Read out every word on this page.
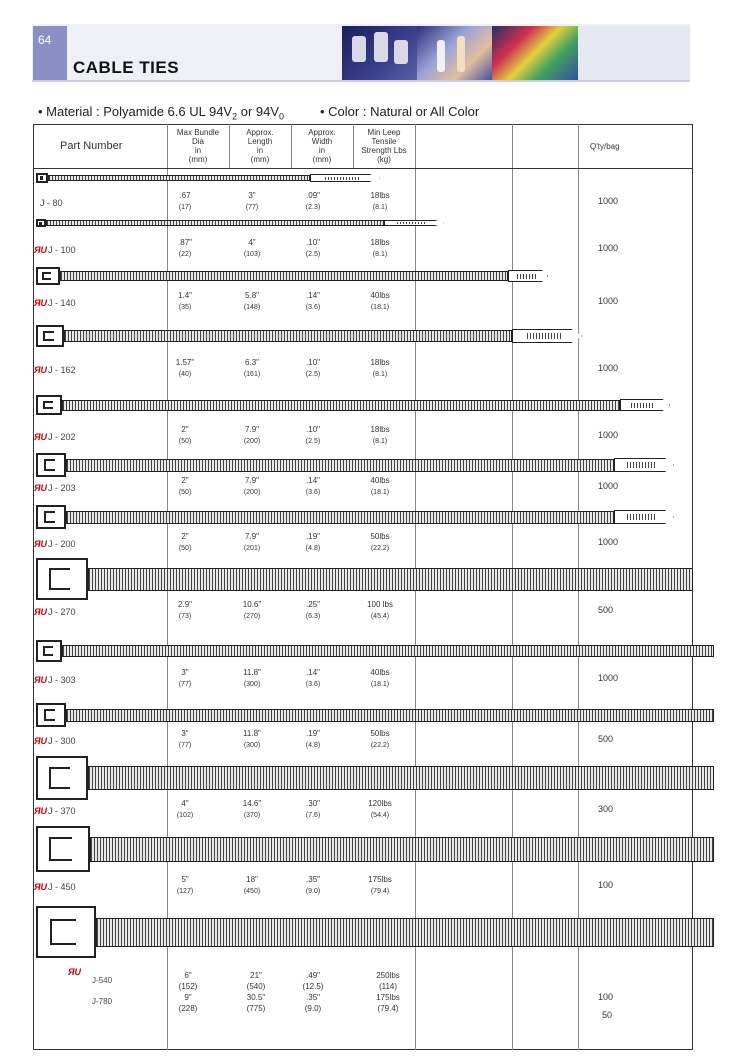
64
CABLE TIES
• Material : Polyamide 6.6 UL $94V_2$ or $94V_0$	• Color : Natural or All Color
Part Number
Max Bundle
Dia
in
(mm)
Approx.
Length
in
(mm)
Approx.
Width
in
(mm)
Min Leep
Tensile
Strength Lbs
(kg)
Q'ty/bag
J - 80
.67
(17)
3"
(77)
.09"
(2.3)
18lbs
(8.1)
1000
ЯU J - 100
.87"
(22)
4"
(103)
.10"
(2.5)
18lbs
(8.1)
1000
ЯU J - 140
1.4"
(35)
5.8"
(148)
.14"
(3.6)
40lbs
(18.1)
1000
ЯU J - 162
1.57"
(40)
6.3"
(161)
.10"
(2.5)
18lbs
(8.1)
1000
ЯU J - 202
2"
(50)
7.9"
(200)
.10"
(2.5)
18lbs
(8.1)
1000
ЯU J - 203
2"
(50)
7.9"
(200)
.14"
(3.6)
40lbs
(18.1)
1000
ЯU J - 200
2"
(50)
7.9"
(201)
.19"
(4.8)
50lbs
(22.2)
1000
ЯU J - 270
2.9"
(73)
10.6"
(270)
.25"
(6.3)
100 lbs
(45.4)
500
ЯU J - 303
3"
(77)
11.8"
(300)
.14"
(3.6)
40lbs
(18.1)
1000
ЯU J - 300
3"
(77)
11.8"
(300)
.19"
(4.8)
50lbs
(22.2)
500
ЯU J - 370
4"
(102)
14.6"
(370)
.30"
(7.6)
120lbs
(54.4)
300
ЯU J - 450
5"
(127)
18"
(450)
.35"
(9.0)
175lbs
(79.4)
100
ЯU
J-540
J-780
6"
(152)
9"
(228)
21"
(540)
30.5"
(775)
.49"
(12.5)
.35"
(9.0)
250lbs
(114)
175lbs
(79.4)
100
50
